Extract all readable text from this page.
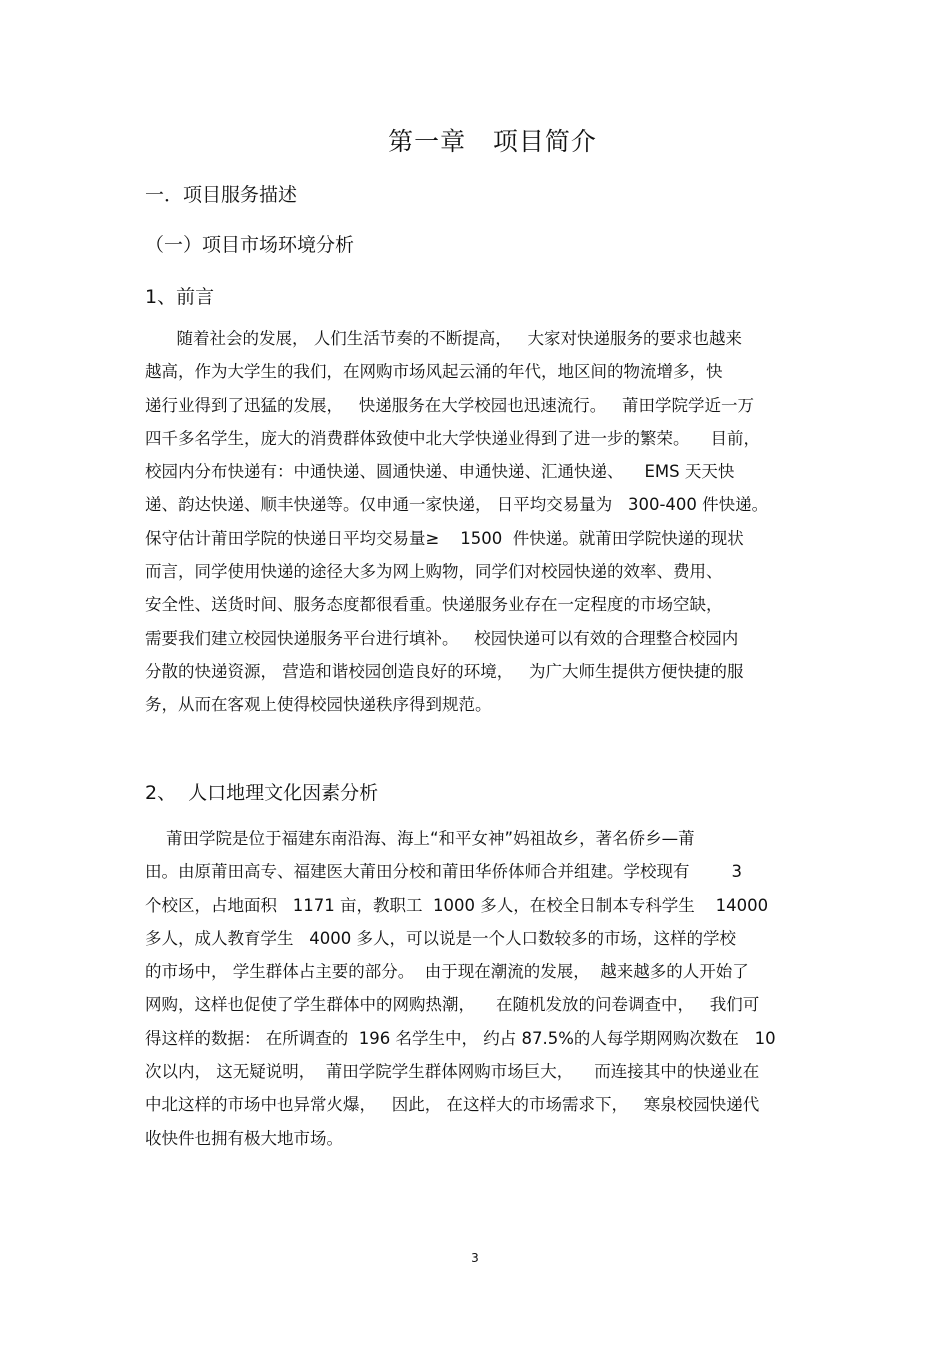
第一章   项目简介
一．项目服务描述
（一）项目市场环境分析
1、前言
随着社会的发展， 人们生活节奏的不断提高，   大家对快递服务的要求也越来
越高，作为大学生的我们，在网购市场风起云涌的年代，地区间的物流增多，快
递行业得到了迅猛的发展，   快递服务在大学校园也迅速流行。   莆田学院学近一万
四千多名学生，庞大的消费群体致使中北大学快递业得到了进一步的繁荣。    目前，
校园内分布快递有：中通快递、圆通快递、申通快递、汇通快递、    EMS 天天快
递、韵达快递、顺丰快递等。仅申通一家快递， 日平均交易量为   300-400 件快递。
保守估计莆田学院的快递日平均交易量≥    1500  件快递。就莆田学院快递的现状
而言，同学使用快递的途径大多为网上购物，同学们对校园快递的效率、费用、
安全性、送货时间、服务态度都很看重。快递服务业存在一定程度的市场空缺，
需要我们建立校园快递服务平台进行填补。   校园快递可以有效的合理整合校园内
分散的快递资源， 营造和谐校园创造良好的环境，   为广大师生提供方便快捷的服
务，从而在客观上使得校园快递秩序得到规范。
2、  人口地理文化因素分析
莆田学院是位于福建东南沿海、海上“和平女神”妈祖故乡，著名侨乡—莆
田。由原莆田高专、福建医大莆田分校和莆田华侨体师合并组建。学校现有        3
个校区，占地面积   1171 亩，教职工  1000 多人，在校全日制本专科学生    14000
多人，成人教育学生   4000 多人，可以说是一个人口数较多的市场，这样的学校
的市场中， 学生群体占主要的部分。  由于现在潮流的发展，  越来越多的人开始了
网购，这样也促使了学生群体中的网购热潮，    在随机发放的问卷调查中，   我们可
得这样的数据： 在所调查的  196 名学生中， 约占 87.5%的人每学期网购次数在   10
次以内， 这无疑说明，  莆田学院学生群体网购市场巨大，    而连接其中的快递业在
中北这样的市场中也异常火爆，   因此， 在这样大的市场需求下，   寒泉校园快递代
收快件也拥有极大地市场。

3
